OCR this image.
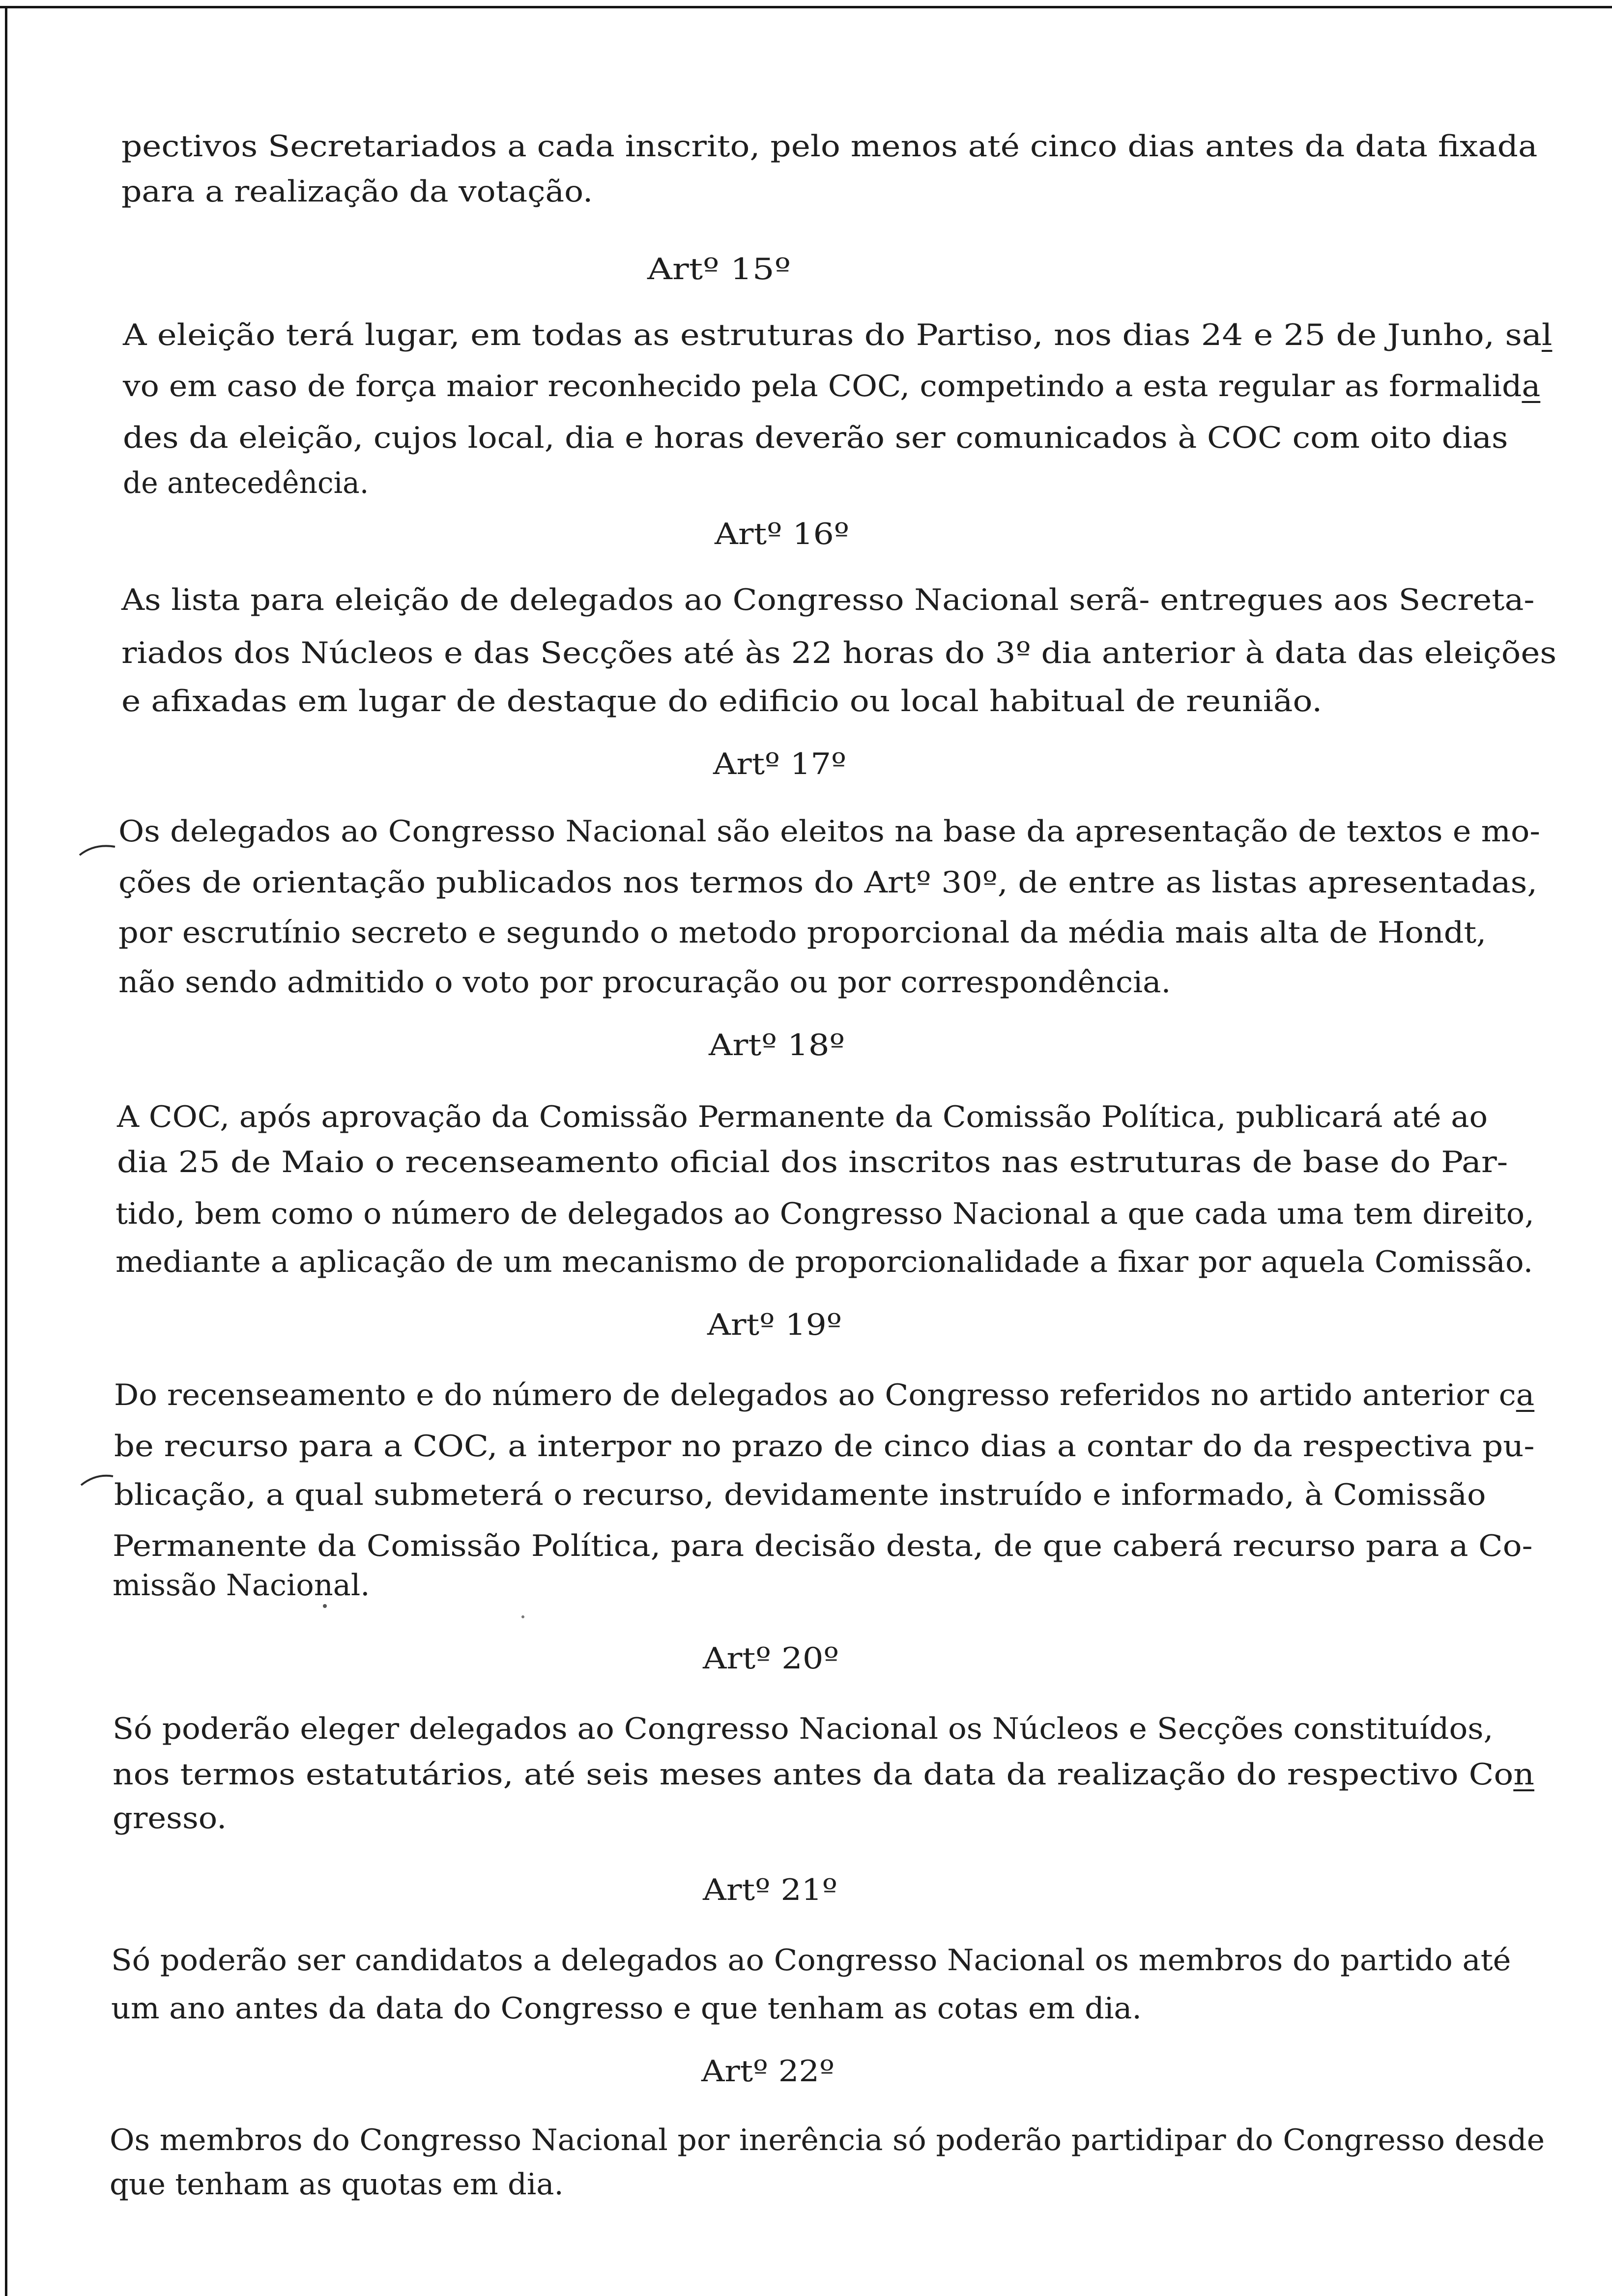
pectivos Secretariados a cada inscrito, pelo menos até cinco dias antes da data fixada
para a realização da votação.
Artº 15º
A eleição terá lugar, em todas as estruturas do Partiso, nos dias 24 e 25 de Junho, sal
vo em caso de força maior reconhecido pela COC, competindo a esta regular as formalida
des da eleição, cujos local, dia e horas deverão ser comunicados à COC com oito dias
de antecedência.
Artº 16º
As lista para eleição de delegados ao Congresso Nacional serã- entregues aos Secreta-
riados dos Núcleos e das Secções até às 22 horas do 3º dia anterior à data das eleições
e afixadas em lugar de destaque do edificio ou local habitual de reunião.
Artº 17º
Os delegados ao Congresso Nacional são eleitos na base da apresentação de textos e mo-
ções de orientação publicados nos termos do Artº 30º, de entre as listas apresentadas,
por escrutínio secreto e segundo o metodo proporcional da média mais alta de Hondt,
não sendo admitido o voto por procuração ou por correspondência.
Artº 18º
A COC, após aprovação da Comissão Permanente da Comissão Política, publicará até ao
dia 25 de Maio o recenseamento oficial dos inscritos nas estruturas de base do Par-
tido, bem como o número de delegados ao Congresso Nacional a que cada uma tem direito,
mediante a aplicação de um mecanismo de proporcionalidade a fixar por aquela Comissão.
Artº 19º
Do recenseamento e do número de delegados ao Congresso referidos no artido anterior ca
be recurso para a COC, a interpor no prazo de cinco dias a contar do da respectiva pu-
blicação, a qual submeterá o recurso, devidamente instruído e informado, à Comissão
Permanente da Comissão Política, para decisão desta, de que caberá recurso para a Co-
missão Nacional.
Artº 20º
Só poderão eleger delegados ao Congresso Nacional os Núcleos e Secções constituídos,
nos termos estatutários, até seis meses antes da data da realização do respectivo Con
gresso.
Artº 21º
Só poderão ser candidatos a delegados ao Congresso Nacional os membros do partido até
um ano antes da data do Congresso e que tenham as cotas em dia.
Artº 22º
Os membros do Congresso Nacional por inerência só poderão partidipar do Congresso desde
que tenham as quotas em dia.
